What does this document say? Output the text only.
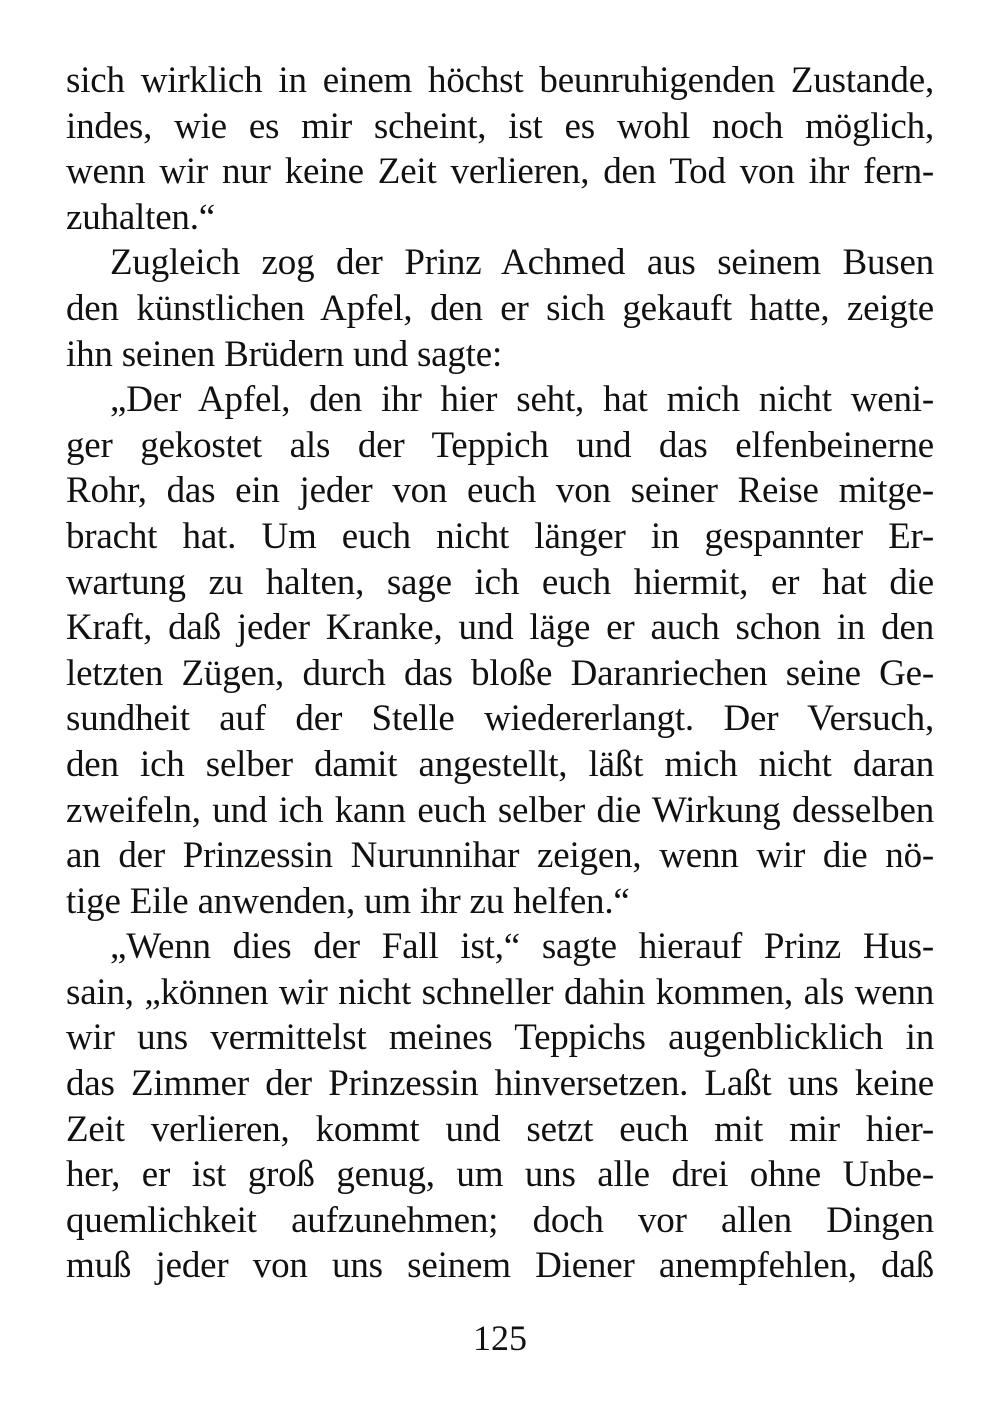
sich wirklich in einem höchst beunruhigenden Zustande,
indes, wie es mir scheint, ist es wohl noch möglich,
wenn wir nur keine Zeit verlieren, den Tod von ihr fern-
zuhalten.“
Zugleich zog der Prinz Achmed aus seinem Busen
den künstlichen Apfel, den er sich gekauft hatte, zeigte
ihn seinen Brüdern und sagte:
„Der Apfel, den ihr hier seht, hat mich nicht weni-
ger gekostet als der Teppich und das elfenbeinerne
Rohr, das ein jeder von euch von seiner Reise mitge-
bracht hat. Um euch nicht länger in gespannter Er-
wartung zu halten, sage ich euch hiermit, er hat die
Kraft, daß jeder Kranke, und läge er auch schon in den
letzten Zügen, durch das bloße Daranriechen seine Ge-
sundheit auf der Stelle wiedererlangt. Der Versuch,
den ich selber damit angestellt, läßt mich nicht daran
zweifeln, und ich kann euch selber die Wirkung desselben
an der Prinzessin Nurunnihar zeigen, wenn wir die nö-
tige Eile anwenden, um ihr zu helfen.“
„Wenn dies der Fall ist,“ sagte hierauf Prinz Hus-
sain, „können wir nicht schneller dahin kommen, als wenn
wir uns vermittelst meines Teppichs augenblicklich in
das Zimmer der Prinzessin hinversetzen. Laßt uns keine
Zeit verlieren, kommt und setzt euch mit mir hier-
her, er ist groß genug, um uns alle drei ohne Unbe-
quemlichkeit aufzunehmen; doch vor allen Dingen
muß jeder von uns seinem Diener anempfehlen, daß
125
